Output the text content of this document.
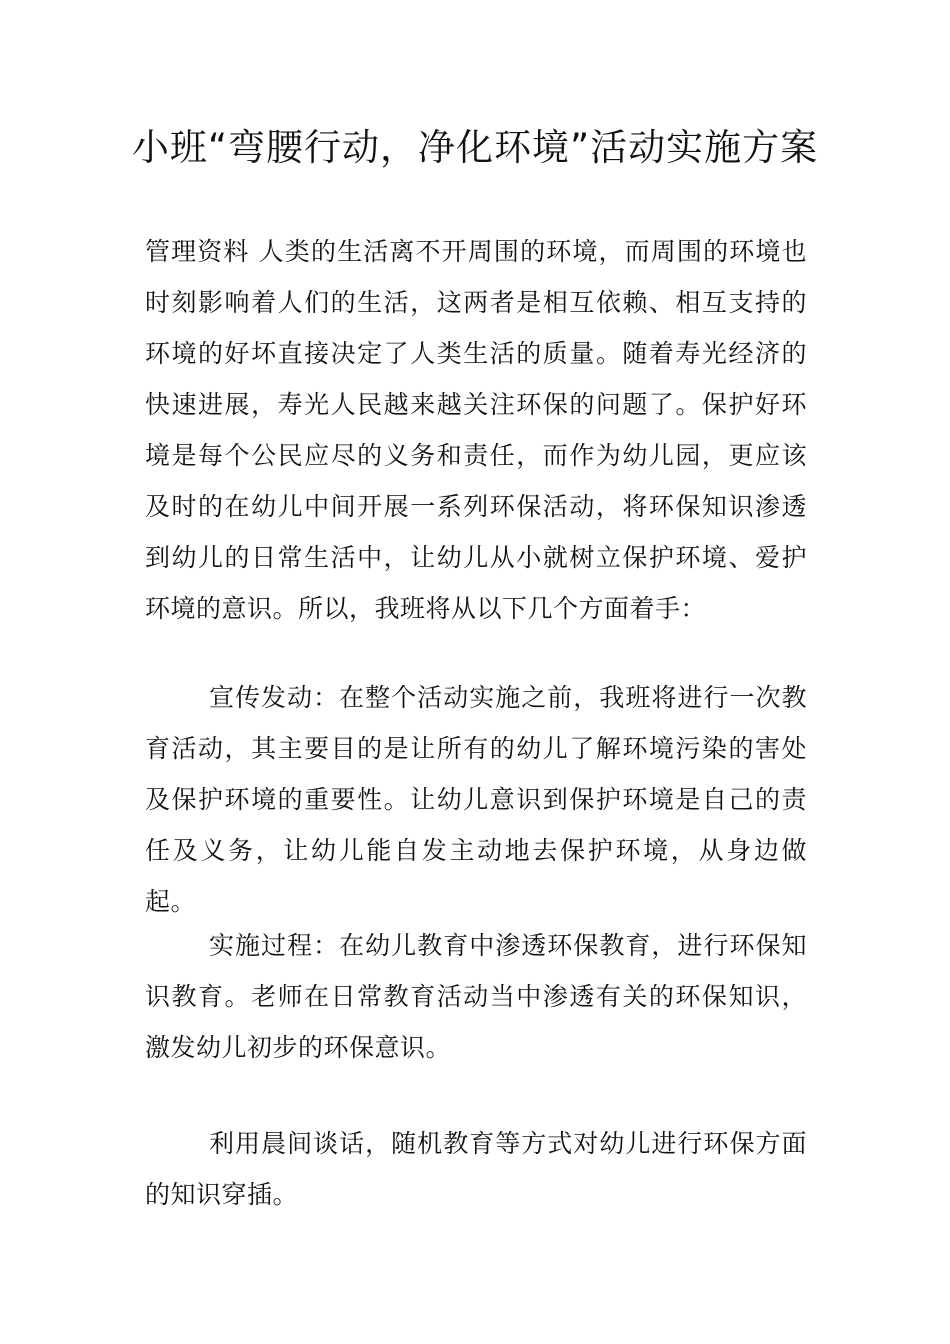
小班“弯腰行动，净化环境”活动实施方案

管理资料 人类的生活离不开周围的环境，而周围的环境也时刻影响着人们的生活，这两者是相互依赖、相互支持的环境的好坏直接决定了人类生活的质量。随着寿光经济的快速进展，寿光人民越来越关注环保的问题了。保护好环境是每个公民应尽的义务和责任，而作为幼儿园，更应该及时的在幼儿中间开展一系列环保活动，将环保知识渗透到幼儿的日常生活中，让幼儿从小就树立保护环境、爱护环境的意识。所以，我班将从以下几个方面着手：

宣传发动：在整个活动实施之前，我班将进行一次教育活动，其主要目的是让所有的幼儿了解环境污染的害处及保护环境的重要性。让幼儿意识到保护环境是自己的责任及义务，让幼儿能自发主动地去保护环境，从身边做起。

实施过程：在幼儿教育中渗透环保教育，进行环保知识教育。老师在日常教育活动当中渗透有关的环保知识，激发幼儿初步的环保意识。

利用晨间谈话，随机教育等方式对幼儿进行环保方面的知识穿插。
